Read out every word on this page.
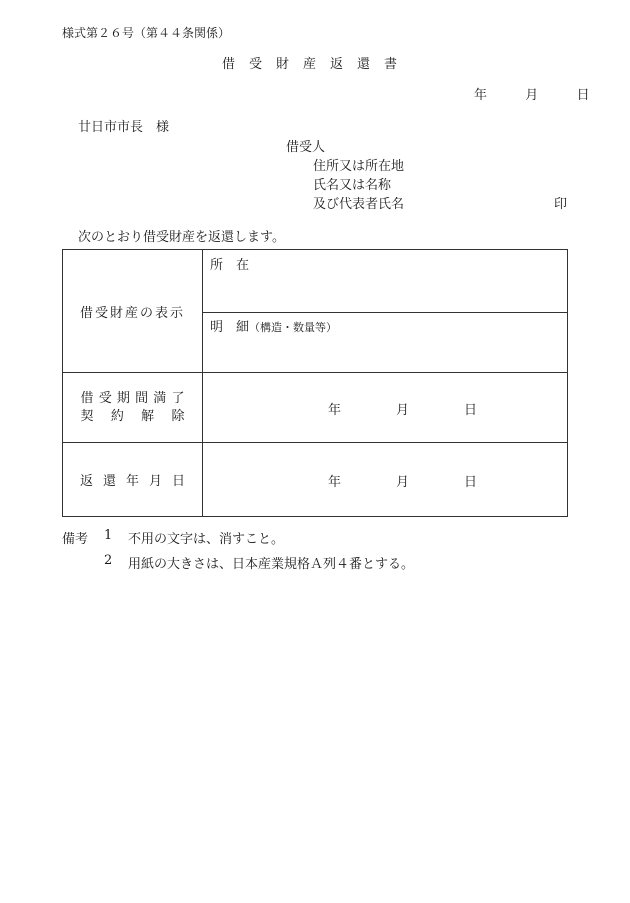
様式第２６号（第４４条関係）
借受財産返還書
年	月	日
廿日市市長　様
借受人
住所又は所在地
氏名又は名称
及び代表者氏名	印
次のとおり借受財産を返還します。
借受財産の表示	所　在

	明　細（構造・数量等）

借受期間満了
契約解除	年 月 日

返還年月日	年 月 日
備考 1 不用の文字は、消すこと。
2 用紙の大きさは、日本産業規格Ａ列４番とする。
